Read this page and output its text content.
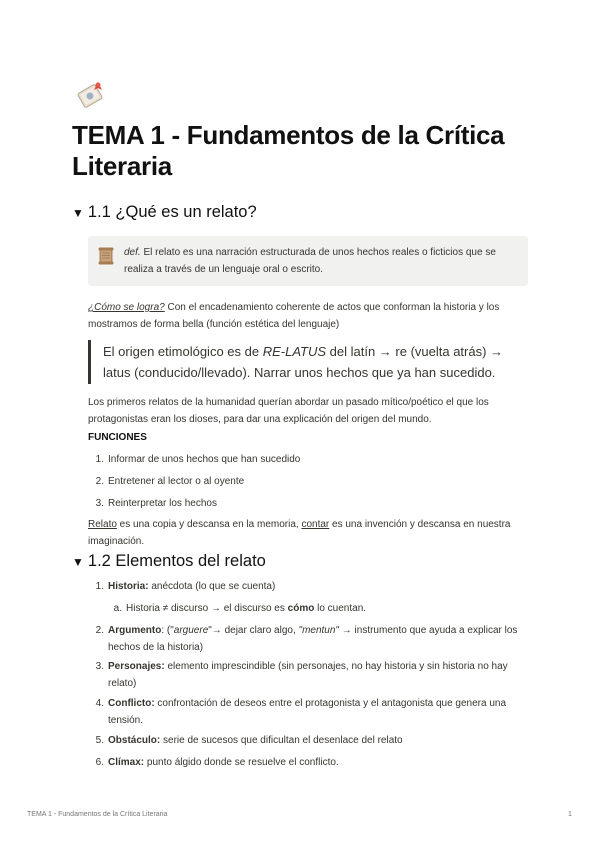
TEMA 1 - Fundamentos de la Crítica Literaria
▼ 1.1 ¿Qué es un relato?
def. El relato es una narración estructurada de unos hechos reales o ficticios que se realiza a través de un lenguaje oral o escrito.

¿Cómo se logra? Con el encadenamiento coherente de actos que conforman la historia y los mostramos de forma bella (función estética del lenguaje)

El origen etimológico es de RE-LATUS del latín → re (vuelta atrás) → latus (conducido/llevado). Narrar unos hechos que ya han sucedido.

Los primeros relatos de la humanidad querían abordar un pasado mítico/poético el que los protagonistas eran los dioses, para dar una explicación del origen del mundo.

FUNCIONES

1. Informar de unos hechos que han sucedido
2. Entretener al lector o al oyente
3. Reinterpretar los hechos

Relato es una copia y descansa en la memoria, contar es una invención y descansa en nuestra imaginación.

▼ 1.2 Elementos del relato
1. Historia: anécdota (lo que se cuenta)
a. Historia ≠ discurso → el discurso es cómo lo cuentan.
2. Argumento: ("arguere"→ dejar claro algo, "mentun" → instrumento que ayuda a explicar los hechos de la historia)
3. Personajes: elemento imprescindible (sin personajes, no hay historia y sin historia no hay relato)
4. Conflicto: confrontación de deseos entre el protagonista y el antagonista que genera una tensión.
5. Obstáculo: serie de sucesos que dificultan el desenlace del relato
6. Clímax: punto álgido donde se resuelve el conflicto.
TEMA 1 - Fundamentos de la Crítica Literaria	1
